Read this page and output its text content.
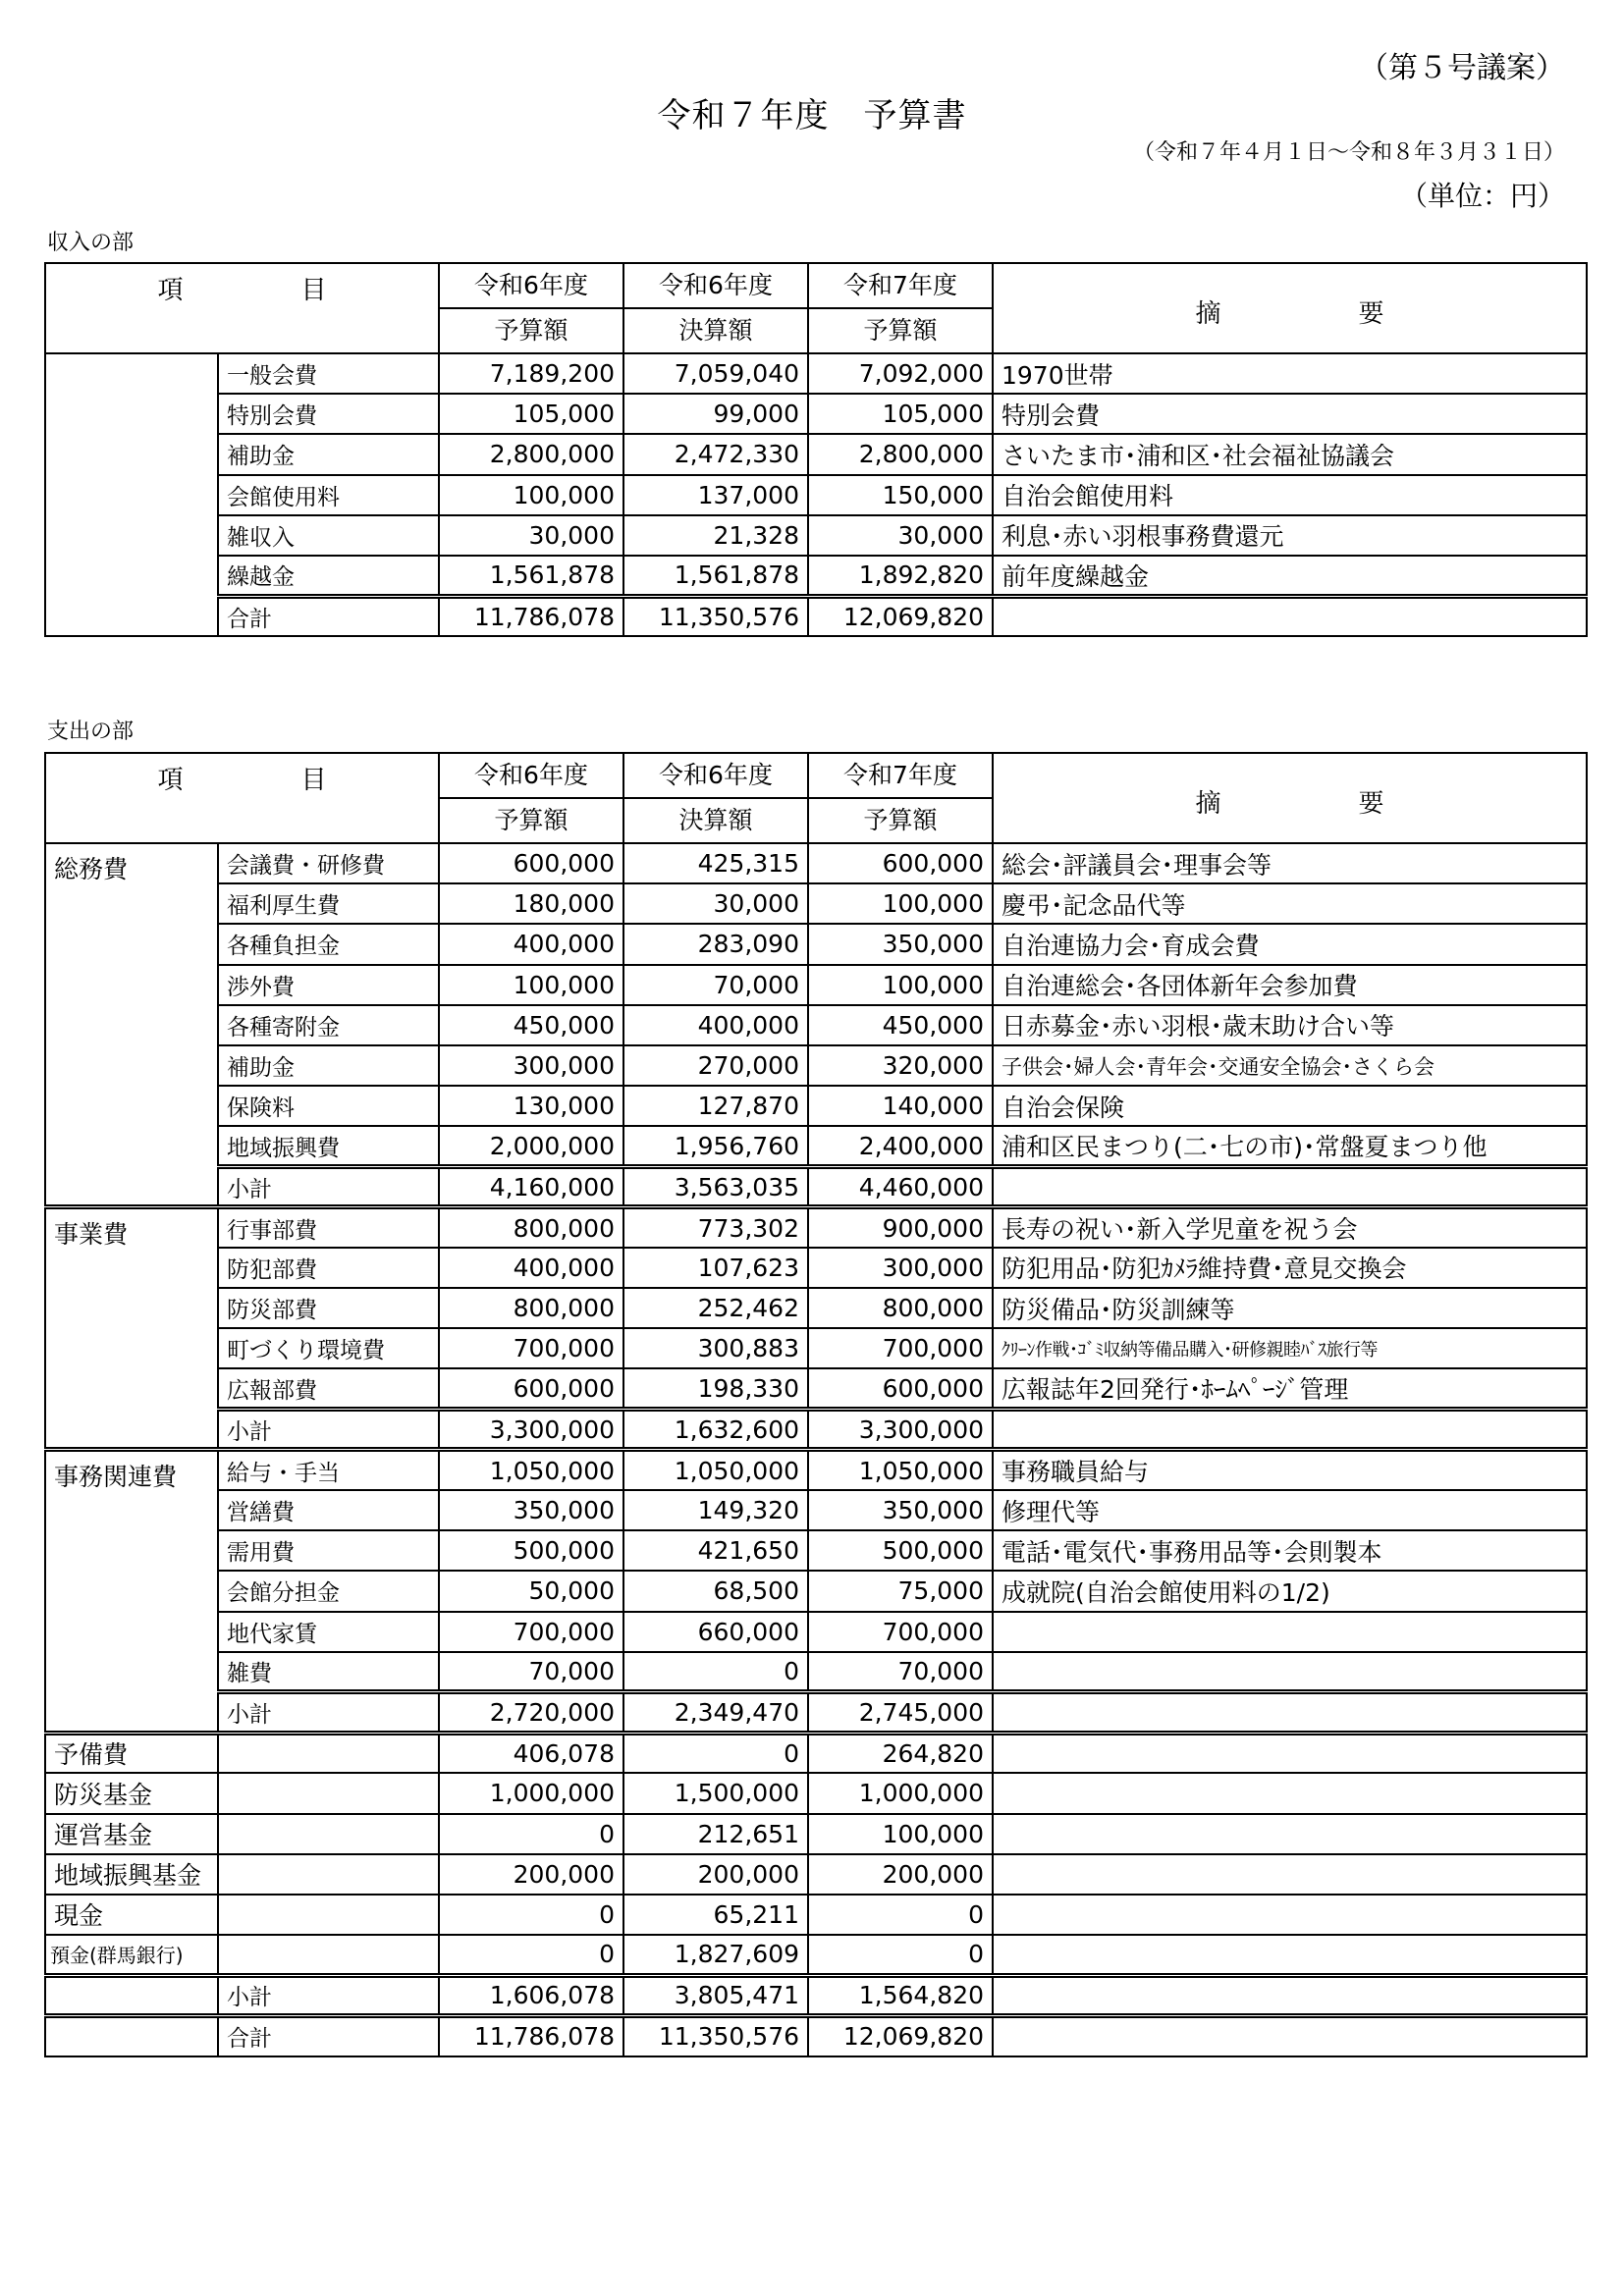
（第５号議案）
令和７年度　予算書
（令和７年４月１日～令和８年３月３１日）
（単位：円）
収入の部
項 目		令和6年度	令和6年度	令和7年度	摘 要
		予算額	決算額	予算額	
	一般会費	7,189,200	7,059,040	7,092,000	1970世帯
	特別会費	105,000	99,000	105,000	特別会費
	補助金	2,800,000	2,472,330	2,800,000	さいたま市･浦和区･社会福祉協議会
	会館使用料	100,000	137,000	150,000	自治会館使用料
	雑収入	30,000	21,328	30,000	利息･赤い羽根事務費還元
	繰越金	1,561,878	1,561,878	1,892,820	前年度繰越金
	合計	11,786,078	11,350,576	12,069,820	
支出の部
項 目		令和6年度	令和6年度	令和7年度	摘 要
		予算額	決算額	予算額	
総務費	会議費・研修費	600,000	425,315	600,000	総会･評議員会･理事会等
	福利厚生費	180,000	30,000	100,000	慶弔･記念品代等
	各種負担金	400,000	283,090	350,000	自治連協力会･育成会費
	渉外費	100,000	70,000	100,000	自治連総会･各団体新年会参加費
	各種寄附金	450,000	400,000	450,000	日赤募金･赤い羽根･歳末助け合い等
	補助金	300,000	270,000	320,000	子供会･婦人会･青年会･交通安全協会･さくら会
	保険料	130,000	127,870	140,000	自治会保険
	地域振興費	2,000,000	1,956,760	2,400,000	浦和区民まつり(二･七の市)･常盤夏まつり他
	小計	4,160,000	3,563,035	4,460,000	
事業費	行事部費	800,000	773,302	900,000	長寿の祝い･新入学児童を祝う会
	防犯部費	400,000	107,623	300,000	防犯用品･防犯ｶﾒﾗ維持費･意見交換会
	防災部費	800,000	252,462	800,000	防災備品･防災訓練等
	町づくり環境費	700,000	300,883	700,000	ｸﾘｰﾝ作戦･ｺﾞﾐ収納等備品購入･研修親睦ﾊﾞｽ旅行等
	広報部費	600,000	198,330	600,000	広報誌年2回発行･ﾎｰﾑﾍﾟｰｼﾞ管理
	小計	3,300,000	1,632,600	3,300,000	
事務関連費	給与・手当	1,050,000	1,050,000	1,050,000	事務職員給与
	営繕費	350,000	149,320	350,000	修理代等
	需用費	500,000	421,650	500,000	電話･電気代･事務用品等･会則製本
	会館分担金	50,000	68,500	75,000	成就院(自治会館使用料の1/2)
	地代家賃	700,000	660,000	700,000	
	雑費	70,000	0	70,000	
	小計	2,720,000	2,349,470	2,745,000	
予備費		406,078	0	264,820	
防災基金		1,000,000	1,500,000	1,000,000	
運営基金		0	212,651	100,000	
地域振興基金		200,000	200,000	200,000	
現金		0	65,211	0	
預金(群馬銀行)		0	1,827,609	0	
	小計	1,606,078	3,805,471	1,564,820	
	合計	11,786,078	11,350,576	12,069,820	
